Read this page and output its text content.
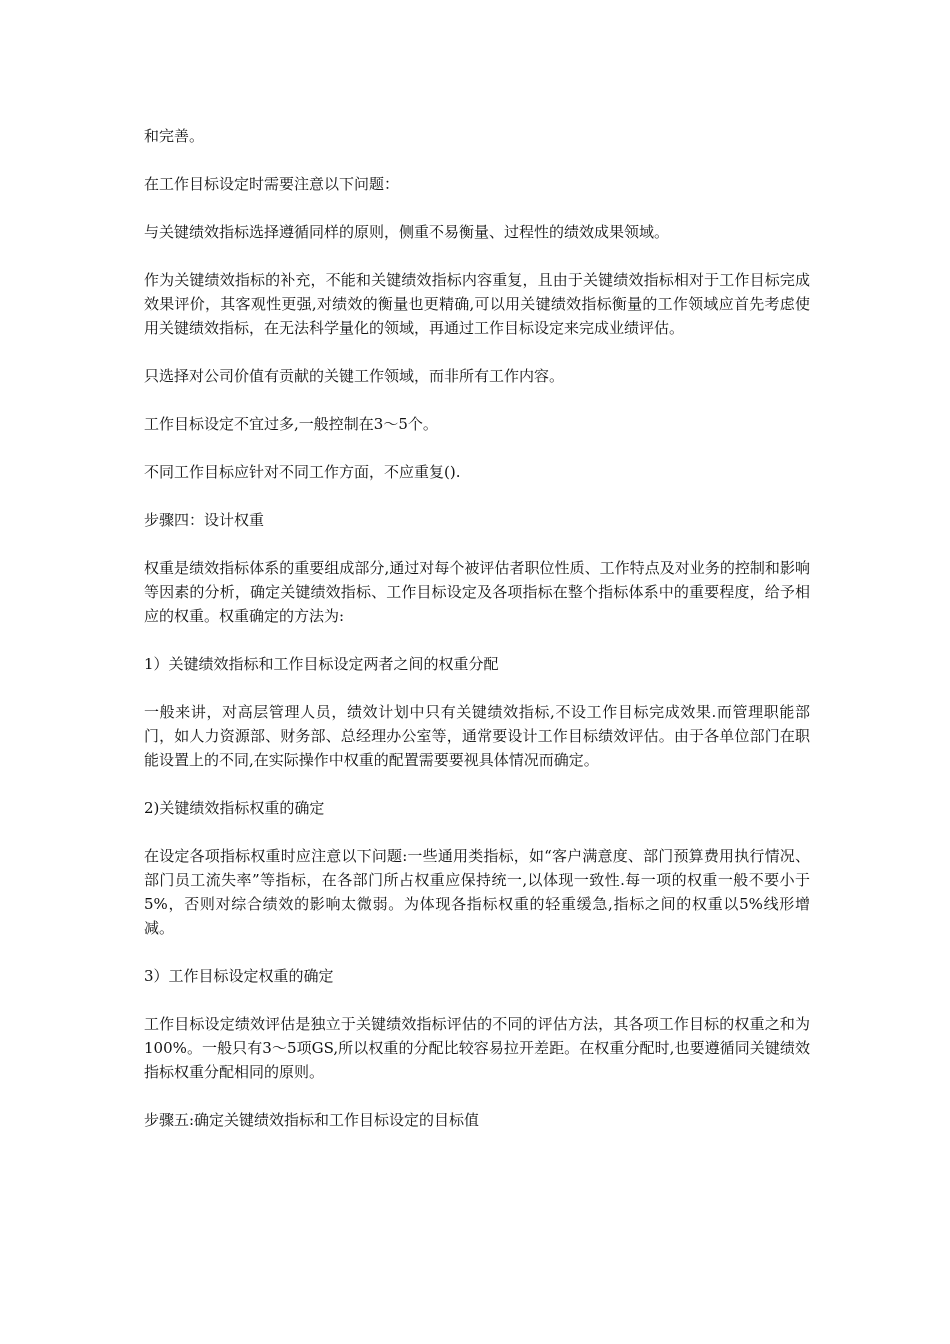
和完善。

在工作目标设定时需要注意以下问题：

与关键绩效指标选择遵循同样的原则，侧重不易衡量、过程性的绩效成果领域。

作为关键绩效指标的补充，不能和关键绩效指标内容重复，且由于关键绩效指标相对于工作目标完成效果评价，其客观性更强,对绩效的衡量也更精确,可以用关键绩效指标衡量的工作领域应首先考虑使用关键绩效指标，在无法科学量化的领域，再通过工作目标设定来完成业绩评估。

只选择对公司价值有贡献的关键工作领域，而非所有工作内容。

工作目标设定不宜过多,一般控制在3～5个。

不同工作目标应针对不同工作方面，不应重复().

步骤四：设计权重

权重是绩效指标体系的重要组成部分,通过对每个被评估者职位性质、工作特点及对业务的控制和影响等因素的分析，确定关键绩效指标、工作目标设定及各项指标在整个指标体系中的重要程度，给予相应的权重。权重确定的方法为:

1）关键绩效指标和工作目标设定两者之间的权重分配

一般来讲，对高层管理人员，绩效计划中只有关键绩效指标,不设工作目标完成效果.而管理职能部门，如人力资源部、财务部、总经理办公室等，通常要设计工作目标绩效评估。由于各单位部门在职能设置上的不同,在实际操作中权重的配置需要要视具体情况而确定。

2)关键绩效指标权重的确定

在设定各项指标权重时应注意以下问题:一些通用类指标，如“客户满意度、部门预算费用执行情况、部门员工流失率”等指标，在各部门所占权重应保持统一,以体现一致性.每一项的权重一般不要小于5%，否则对综合绩效的影响太微弱。为体现各指标权重的轻重缓急,指标之间的权重以5%线形增减。

3）工作目标设定权重的确定

工作目标设定绩效评估是独立于关键绩效指标评估的不同的评估方法，其各项工作目标的权重之和为100%。一般只有3～5项GS,所以权重的分配比较容易拉开差距。在权重分配时,也要遵循同关键绩效指标权重分配相同的原则。

步骤五:确定关键绩效指标和工作目标设定的目标值
